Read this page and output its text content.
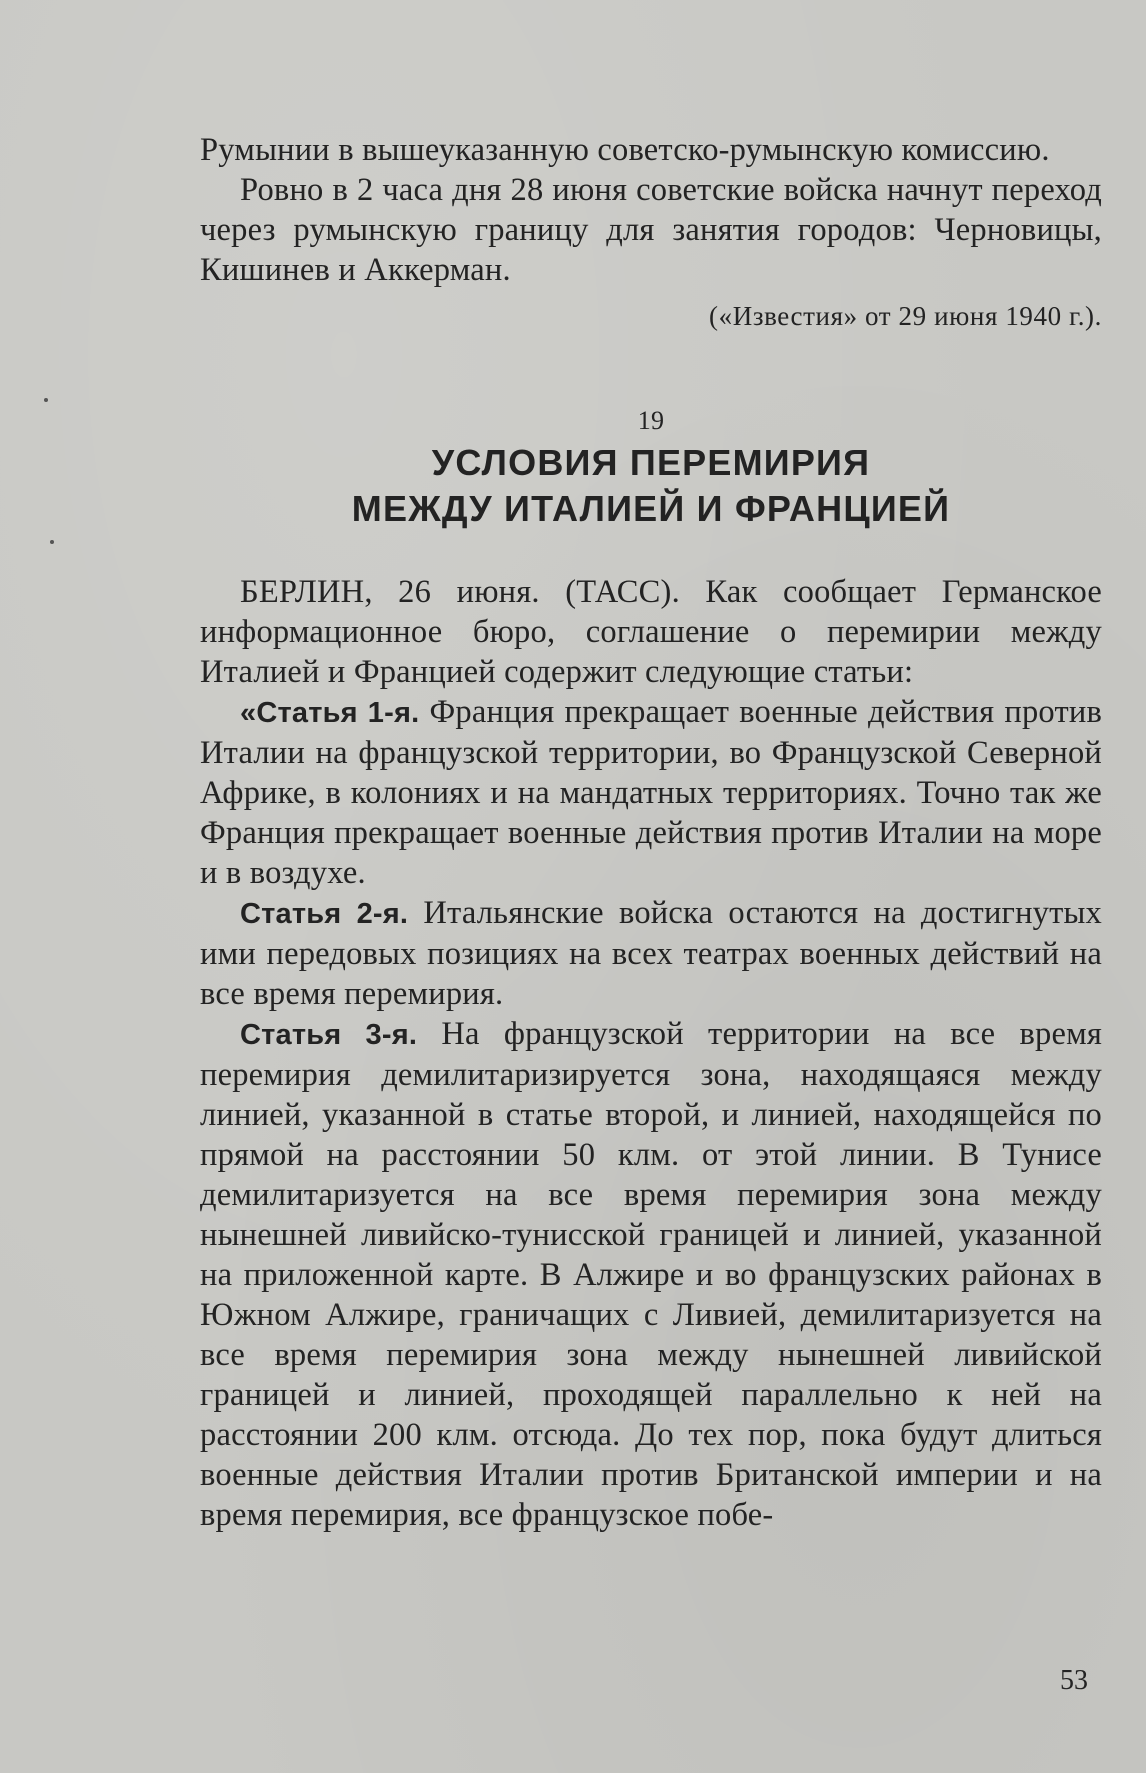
Румынии в вышеуказанную советско-румынскую комиссию.

Ровно в 2 часа дня 28 июня советские войска начнут переход через румынскую границу для занятия городов: Черновицы, Кишинев и Аккерман.

(«Известия» от 29 июня 1940 г.).

19
УСЛОВИЯ ПЕРЕМИРИЯ
МЕЖДУ ИТАЛИЕЙ И ФРАНЦИЕЙ

БЕРЛИН, 26 июня. (ТАСС). Как сообщает Германское информационное бюро, соглашение о перемирии между Италией и Францией содержит следующие статьи:

«Статья 1-я. Франция прекращает военные действия против Италии на французской территории, во Французской Северной Африке, в колониях и на мандатных территориях. Точно так же Франция прекращает военные действия против Италии на море и в воздухе.

Статья 2-я. Итальянские войска остаются на достигнутых ими передовых позициях на всех театрах военных действий на все время перемирия.

Статья 3-я. На французской территории на все время перемирия демилитаризируется зона, находящаяся между линией, указанной в статье второй, и линией, находящейся по прямой на расстоянии 50 клм. от этой линии. В Тунисе демилитаризуется на все время перемирия зона между нынешней ливийско-тунисской границей и линией, указанной на приложенной карте. В Алжире и во французских районах в Южном Алжире, граничащих с Ливией, демилитаризуется на все время перемирия зона между нынешней ливийской границей и линией, проходящей параллельно к ней на расстоянии 200 клм. отсюда. До тех пор, пока будут длиться военные действия Италии против Британской империи и на время перемирия, все французское побе-

53
